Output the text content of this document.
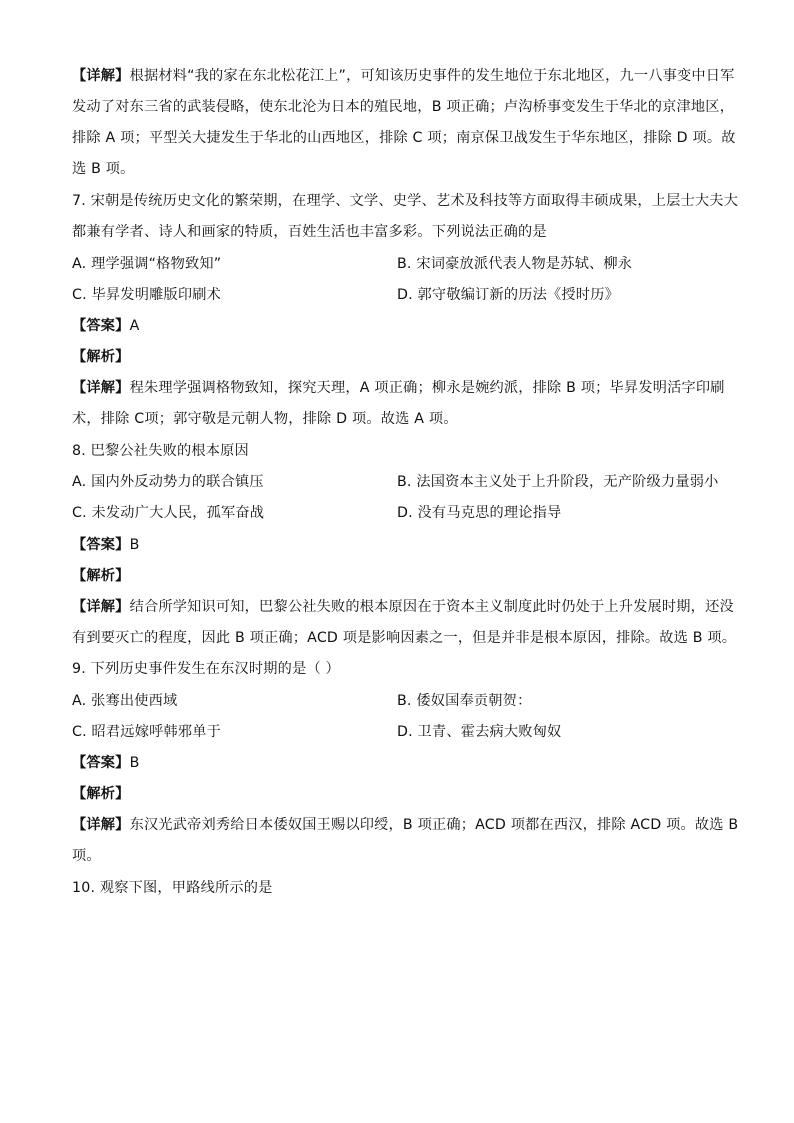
【详解】根据材料“我的家在东北松花江上”，可知该历史事件的发生地位于东北地区，九一八事变中日军
发动了对东三省的武装侵略，使东北沦为日本的殖民地，B 项正确；卢沟桥事变发生于华北的京津地区，
排除 A 项；平型关大捷发生于华北的山西地区，排除 C 项；南京保卫战发生于华东地区，排除 D 项。故
选 B 项。
7. 宋朝是传统历史文化的繁荣期，在理学、文学、史学、艺术及科技等方面取得丰硕成果，上层士大夫大
都兼有学者、诗人和画家的特质，百姓生活也丰富多彩。下列说法正确的是
A. 理学强调“格物致知”	B. 宋词豪放派代表人物是苏轼、柳永
C. 毕昇发明雕版印刷术	D. 郭守敬编订新的历法《授时历》
【答案】A
【解析】
【详解】程朱理学强调格物致知，探究天理，A 项正确；柳永是婉约派，排除 B 项；毕昇发明活字印刷
术，排除 C项；郭守敬是元朝人物，排除 D 项。故选 A 项。
8. 巴黎公社失败的根本原因
A. 国内外反动势力的联合镇压	B. 法国资本主义处于上升阶段，无产阶级力量弱小
C. 未发动广大人民，孤军奋战	D. 没有马克思的理论指导
【答案】B
【解析】
【详解】结合所学知识可知，巴黎公社失败的根本原因在于资本主义制度此时仍处于上升发展时期，还没
有到要灭亡的程度，因此 B 项正确；ACD 项是影响因素之一，但是并非是根本原因，排除。故选 B 项。
9. 下列历史事件发生在东汉时期的是（ ）
A. 张骞出使西域	B. 倭奴国奉贡朝贺：
C. 昭君远嫁呼韩邪单于	D. 卫青、霍去病大败匈奴
【答案】B
【解析】
【详解】东汉光武帝刘秀给日本倭奴国王赐以印绶，B 项正确；ACD 项都在西汉，排除 ACD 项。故选 B
项。
10. 观察下图，甲路线所示的是
